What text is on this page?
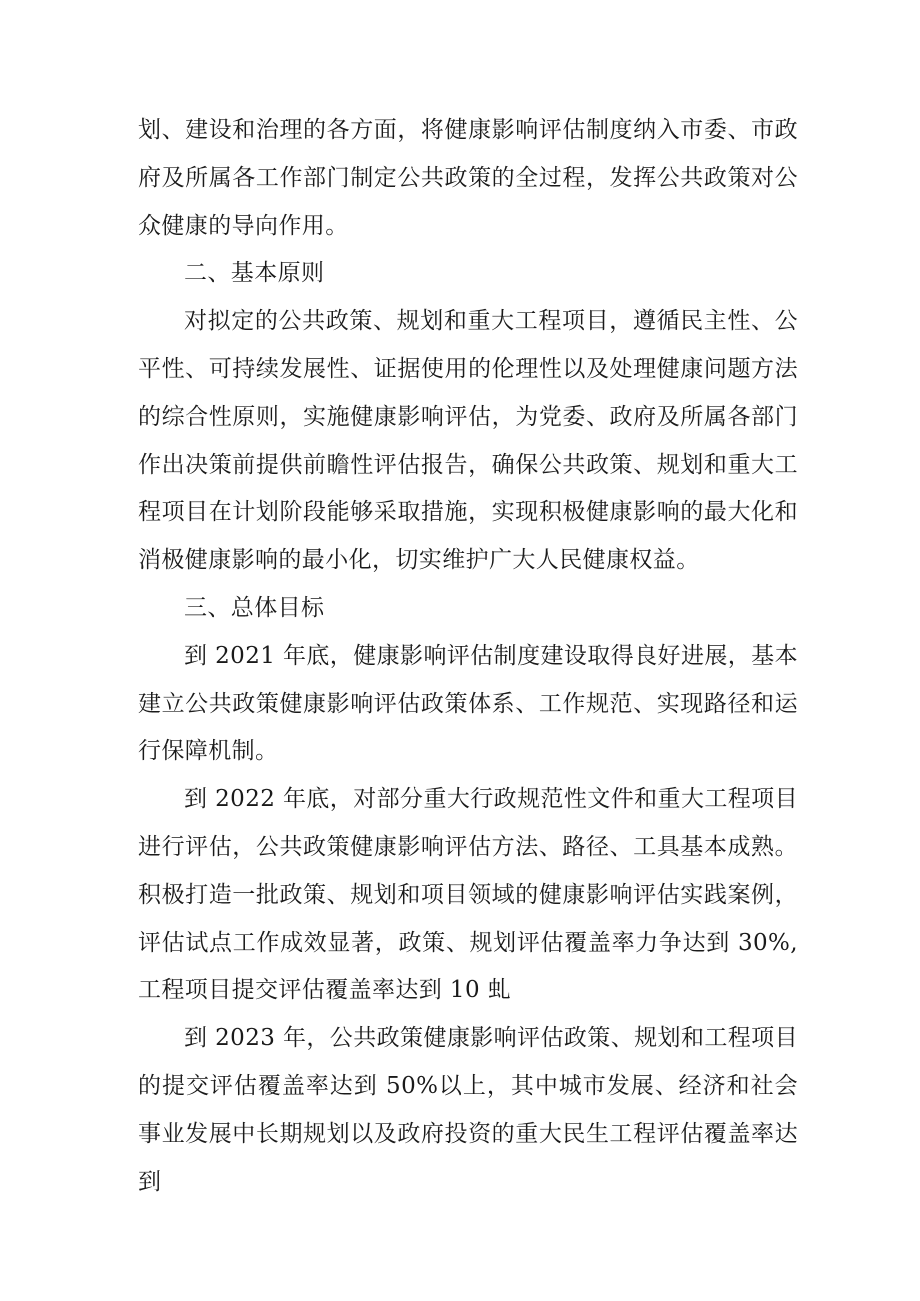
划、建设和治理的各方面，将健康影响评估制度纳入市委、市政府及所属各工作部门制定公共政策的全过程，发挥公共政策对公众健康的导向作用。

二、基本原则

对拟定的公共政策、规划和重大工程项目，遵循民主性、公平性、可持续发展性、证据使用的伦理性以及处理健康问题方法的综合性原则，实施健康影响评估，为党委、政府及所属各部门作出决策前提供前瞻性评估报告，确保公共政策、规划和重大工程项目在计划阶段能够采取措施，实现积极健康影响的最大化和消极健康影响的最小化，切实维护广大人民健康权益。

三、总体目标

到 2021 年底，健康影响评估制度建设取得良好进展，基本建立公共政策健康影响评估政策体系、工作规范、实现路径和运行保障机制。

到 2022 年底，对部分重大行政规范性文件和重大工程项目进行评估，公共政策健康影响评估方法、路径、工具基本成熟。积极打造一批政策、规划和项目领域的健康影响评估实践案例，评估试点工作成效显著，政策、规划评估覆盖率力争达到 30%,工程项目提交评估覆盖率达到 10 虬

到 2023 年，公共政策健康影响评估政策、规划和工程项目的提交评估覆盖率达到 50%以上，其中城市发展、经济和社会事业发展中长期规划以及政府投资的重大民生工程评估覆盖率达到
